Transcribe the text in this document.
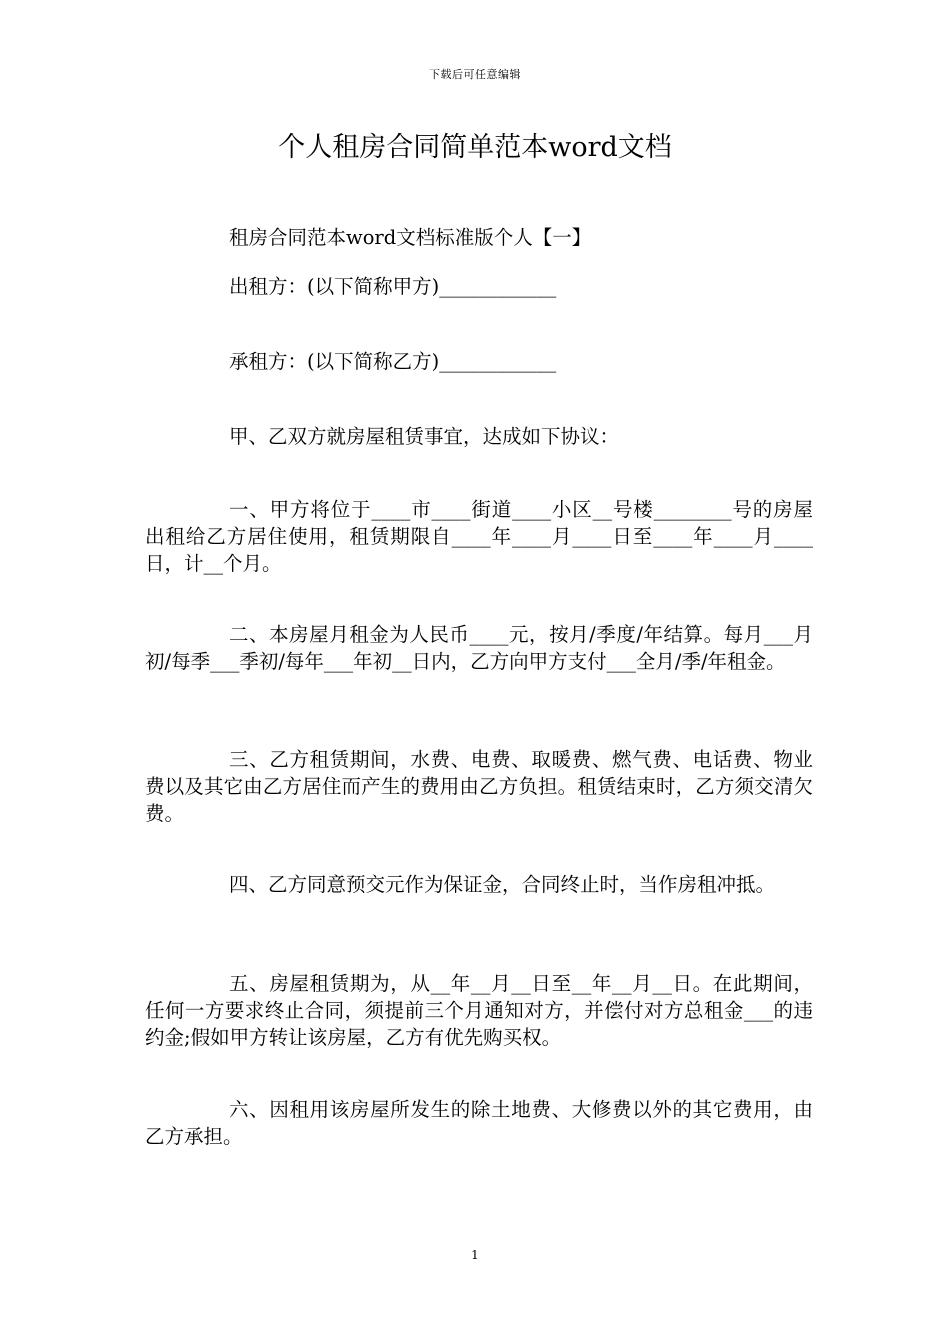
下载后可任意编辑
个人租房合同简单范本word文档
租房合同范本word文档标准版个人【一】
出租方：(以下简称甲方)____________
承租方：(以下简称乙方)____________
甲、乙双方就房屋租赁事宜，达成如下协议：

一、甲方将位于____市____街道____小区__号楼________号的房屋出租给乙方居住使用，租赁期限自____年____月____日至____年____月____日，计__个月。

二、本房屋月租金为人民币____元，按月/季度/年结算。每月___月初/每季___季初/每年___年初__日内，乙方向甲方支付___全月/季/年租金。

三、乙方租赁期间，水费、电费、取暖费、燃气费、电话费、物业费以及其它由乙方居住而产生的费用由乙方负担。租赁结束时，乙方须交清欠费。

四、乙方同意预交元作为保证金，合同终止时，当作房租冲抵。

五、房屋租赁期为，从__年__月__日至__年__月__日。在此期间，任何一方要求终止合同，须提前三个月通知对方，并偿付对方总租金___的违约金;假如甲方转让该房屋，乙方有优先购买权。

六、因租用该房屋所发生的除土地费、大修费以外的其它费用，由乙方承担。

1
